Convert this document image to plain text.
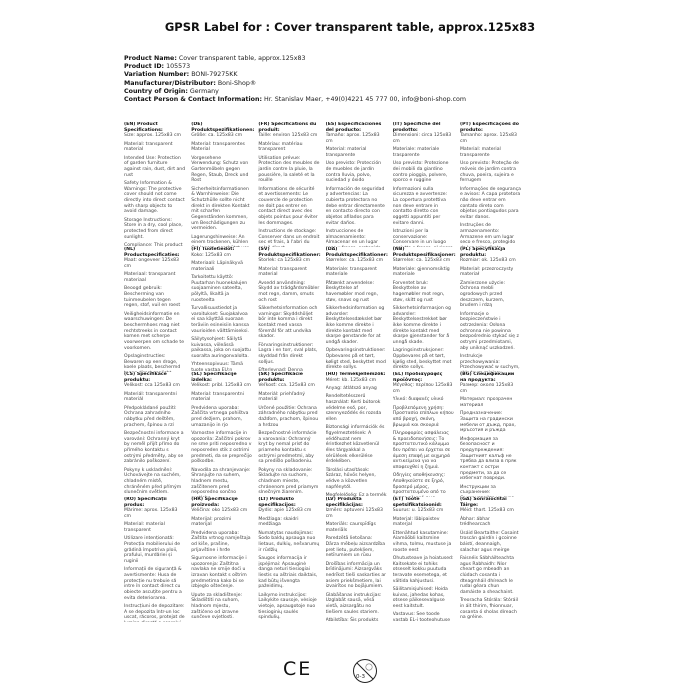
GPSR Label for : Cover transparent table, approx.125x83
Product Name: Cover transparent table, approx.125x83
Product ID: 105573
Variation Number: BONI-79275KK
Manufacturer/Distributor: Boni-Shop®
Country of Origin: Germany
Contact Person & Contact Information: Hr. Stanislav Maer, +49(0)4221 45 777 00, info@boni-shop.com
(EN) Product Specifications:

Size: approx. 125x83 cm

Material: transparent material

Intended Use: Protection of garden furniture against rain, dust, dirt and rust

Safety Information & Warnings: The protective cover should not come directly into direct contact with sharp objects to avoid damage.

Storage Instructions: Store in a dry, cool place, protected from direct sunlight.

Compliance: This product

(DE) Produktspezifikationen:

Größe: ca. 125x83 cm

Material: transparentes Material

Vorgesehene Verwendung: Schutz von Gartenmöbeln gegen Regen, Staub, Dreck und Rost

Sicherheitsinformationen & Warnhinweise: Die Schutzhülle sollte nicht direkt in direkten Kontakt mit scharfen Gegenständen kommen, um Beschädigungen zu vermeiden.

Lagerungshinweise: An einem trockenen, kühlen

(FR) Spécifications du produit:

Taille: environ 125x83 cm

Matériau: matériau transparent

Utilisation prévue: Protection des meubles de jardin contre la pluie, la poussière, la saleté et la rouille

Informations de sécurité et avertissements: Le couvercle de protection ne doit pas entrer en contact direct avec des objets pointus pour éviter les dommages.

Instructions de stockage: Conserver dans un endroit sec et frais, à l'abri du

(ES) Especificaciones del producto:

Tamaño: aprox. 125x83 cm

Material: material transparente

Uso previsto: Protección de muebles de jardín contra lluvia, polvo, suciedad y óxido

Información de seguridad y advertencias: La cubierta protectora no debe entrar directamente en contacto directo con objetos afilados para evitar daños.

Instrucciones de almacenamiento: Almacenar en un lugar

(IT) Specifiche del prodotto:

Dimensioni: circa 125x83 cm

Materiale: materiale trasparente

Uso previsto: Protezione dei mobili da giardino contro pioggia, polvere, sporco e ruggine

Informazioni sulla sicurezza e avvertenze: La copertura protettiva non deve entrare in contatto diretto con oggetti appuntiti per evitare danni.

Istruzioni per la conservazione: Conservare in un luogo

(PT) Especificações do produto:

Tamanho: aprox. 125x83 cm

Material: material transparente

Uso previsto: Proteção de móveis de jardim contra chuva, poeira, sujeira e ferrugem

Informações de segurança e avisos: A capa protetora não deve entrar em contato direto com objetos pontiagudos para evitar danos.

Instruções de armazenamento: Armazene em um lugar seco e fresco, protegido

(NL) Productspecificaties:

Maat: ongeveer 125x83 cm

Materiaal: transparant materiaal

Beoogd gebruik: Bescherming van tuinmeubelen tegen regen, stof, vuil en roest

Veiligheidsinformatie en waarschuwingen: De beschermhoes mag niet rechtstreeks in contact komen met scherpe voorwerpen om schade te voorkomen.

Opslaginstructies: Bewaren op een droge, koele plaats, beschermd

(FI) Tuotetiedot:

Koko: 125x83 cm

Materiaali: Läpinäkyvä materiaali

Tarkoitettu käyttö: Puutarhan huonekalujen suojaaminen sateelta, pölyltä, likaltä ja ruosteelta

Turvallisuustiedot ja varoitukset: Suojakalvoa ei saa käyttää suoraan teräviin esineisiin kanssa vaurioiden välttämiseksi.

Säilytysohjeet: Säilytä kuivassa, viileässä paikassa, joka on suojattu suoralta auringonvalolta.

Yhteensopivuus: Tämä tuote vastaa EU:n

(SV) Produktspecifikationer:

Storlek: ca 125x83 cm

Material: transparent material

Avsedd användning: Skydd av trädgårdsmöbler mot regn, damm, smuts och rost

Säkerhetsinformation och varningar: Skyddshöljet bör inte komma i direkt kontakt med vassa föremål för att undvika skador.

Förvaringsinstruktioner: Lagra i en torr, sval plats, skyddad från direkt solljus.

Efterlevnad: Denna

(DA) Produktspecifikationer:

Størrelse: ca. 125x83 cm

Materiale: transparent materiale

Påtænkt anvendelse: Beskyttelse af havemøbler mod regn, støv, snavs og rust

Sikkerhedsinformation og advarsler: Beskyttelsesdækslet bør ikke komme direkte i direkte kontakt med skarpe genstande for at undgå skader.

Opbevaringsinstruktioner: Opbevares på et tørt, køligt sted, beskyttet mod direkte sollys.

(NB) Produktspesifikasjoner:

Størrelse: ca. 125x83 cm

Materiale: gjennomsiktig materiale

Forventet bruk: Beskyttelse av hagemøbler mot regn, støv, skitt og rust

Sikkerhetsinformasjon og advarsler: Beskyttelsestrekket bør ikke komme direkte i direkte kontakt med skarpe gjenstander for å unngå skade.

Lagringsinstruksjoner: Oppbevares på et tørt, kjølig sted, beskyttet mot direkte sollys.

(PL) Specyfikacja produktu:

Rozmiar: ok. 125x83 cm

Materiał: przezroczysty materiał

Zamierzone użycie: Ochrona mebli ogrodowych przed deszczem, kurzem, brudem i rdzą

Informacje o bezpieczeństwie i ostrzeżenia: Osłona ochronna nie powinna bezpośrednio stykać się z ostrymi przedmiotami, aby uniknąć uszkodzeń.

Instrukcje przechowywania: Przechowywać w suchym,

(CS) Specifikace produktu:

Velikost: cca 125x83 cm

Materiál: transparentní materiál

Předpokládané použití: Ochrana zahradního nábytku před deštěm, prachem, špínou a rzí

Bezpečnostní informace a varování: Ochranný kryt by neměl přijít přímo do přímého kontaktu s ostrými předměty, aby se zabránilo poškození.

Pokyny k uskladnění: Uchovávejte na suchém, chladném místě, chráněném před přímým slunečním světlem.

(SL) Specifikacije izdelka:

Velikost: pribl. 125x83 cm

Material: transparentni material

Predvidena uporaba: Zaščita vrtnega pohištva pred dežjem, prahom, umazanijo in rjo

Varnostne informacije in opozorila: Zaščitni pokrov ne sme priti neposredno v neposreden stik z ostrimi predmeti, da se preprečijo poškodbe.

Navodila za shranjevanje: Shranjujte na suhem, hladnem mestu, zaščitenem pred neposredno sončno

(SK) Špecifikácie produktu:

Veľkosť: cca. 125x83 cm

Materiál: priehľadný materiál

Určené použitie: Ochrana záhradného nábytku pred dažďom, prachom, špinou a hrdzou

Bezpečnostné informácie a varovania: Ochranný kryt by nemal prísť do priameho kontaktu s ostrými predmetmi, aby sa predišlo poškodeniu.

Pokyny na skladovanie: Skladujte na suchom, chladnom mieste, chránenom pred priamym slnečným žiarením.

(HU) Termékjellemzők:

Méret: kb. 125x83 cm

Anyag: átlátszó anyag

Rendeltetésszerű használat: Kerti bútorok védelme eső, por, szennyeződés és rozsda ellen

Biztonsági információk és figyelmeztetések: A védőhuzat nem érintkezhet közvetlenül éles tárgyakkal a sérülések elkerülése érdekében.

Tárolási utasítások: Száraz, hűvös helyen, védve a közvetlen napfénytől.

Megfelelőség: Ez a termék

(EL) Προδιαγραφές προϊόντος:

Μέγεθος: περίπου 125x83 cm

Υλικό: διαφανές υλικό

Προβλεπόμενη χρήση: Προστασία επίπλων κήπου από βροχή, σκόνη, βρωμιά και σκουριά

Πληροφορίες ασφάλειας & προειδοποιήσεις: Το προστατευτικό κάλυμμα δεν πρέπει να έρχεται σε άμεση επαφή με αιχμηρά αντικείμενα για να αποφευχθεί η ζημιά.

Οδηγίες αποθήκευσης: Αποθηκεύστε σε ξηρό, δροσερό μέρος, προστατευμένο από το

(BG) Спецификации на продукта:

Размер: около 125x83 cm

Материал: прозрачен материал

Предназначение: Защита на градински мебели от дъжд, прах, мръсотия и ръжда

Информация за безопасност и предупреждения: Защитният калъф не трябва да влиза в пряк контакт с остри предмети, за да се избегнат повреди.

Инструкции за съхранение:

(RO) Specificații produs:

Mărime: aprox. 125x83 cm

Material: material transparent

Utilizare intenționată: Protecția mobilierului de grădină împotriva ploii, prafului, murdăriei și ruginii

Informații de siguranță & avertismente: Husa de protecție nu trebuie să intre în contact direct cu obiecte ascuțite pentru a evita deteriorarea.

Instrucțiuni de depozitare: A se depozita într-un loc uscat, răcoros, protejat de

(HR) Specifikacije proizvoda:

Veličina: oko 125x83 cm

Materijal: prozirni materijal

Predviđena uporaba: Zaštita vrtnog namještaja od kiše, prašine, prljavštine i hrđe

Sigurnosne informacije i upozorenja: Zaštitna navlaka ne smije doći u izravan kontakt s oštrim predmetima kako bi se izbjeglo oštećenje.

Upute za skladištenje: Skladištiti na suhom, hladnom mjestu, zaštićeno od izravne sunčeve svjetlosti.

(LT) Produkto specifikacijos:

Dydis: apie 125x83 cm

Medžiaga: skaidri medžiaga

Numatytas naudojimas: Sodo baldų apsauga nuo lietaus, dulkių, nešvarumų ir rūdžių

Saugos informacija ir įspėjimai: Apsauginė danga neturi tiesiogiai liestis su aštriais daiktais, kad būtų išvengta pažeidimų.

Laikymo instrukcijos: Laikykite sausoje, vėsioje vietoje, apsaugotoje nuo tiesioginių saulės spindulių.

(LV) Produkta specifikācijas:

Izmērs: aptuveni 125x83 cm

Materiāls: caurspīdīgs materiāls

Paredzētā lietošana: Dārza mēbeļu aizsardzība pret lietu, putekļiem, netīrumiem un rūsu

Drošības informācija un brīdinājumi: Aizsargvāks nedrīkst tieši saskarties ar asiem priekšmetiem, lai izvairītos no bojājumiem.

Glabāšanas instrukcijas: Uzglabāt sausā, vēsā vietā, aizsargātu no tiešiem saules stariem.

Atbilstība: Šis produkts

(ET) Toote spetsifikatsioonid:

Suurus: u. 125x83 cm

Materjal: läbipaistev materjal

Ettenähtud kasutamine: Aiamööbli kaitsmine vihma, tolmu, mustuse ja rooste eest

Ohutusteave ja hoiatused: Kaitsekate ei tohiks otseselt kokku puutuda teravate esemetega, et vältida kahjustusi.

Säilitamisjuhised: Hoida kuivas, jahedas kohas, otsese päikesevalguse eest kaitstult.

Vastavus: See toode vastab EL-i tooteohutuse

(GA) Sonraíochtaí Táirge:

Méid: thart. 125x83 cm

Ábhar: ábhar trédhearcach

Úsáid Beartaithe: Cosaint troscán gairdín i gcoinne báistí, deannaigh, salachar agus meirge

Faisnéis Sábháilteachta agus Rabhaidh: Níor cheart go mbeadh an clúdach cosanta i dteagmháil dhíreach le rudaí géara chun damáiste a sheachaint.

Treoracha Stórála: Stóráil in áit thirim, fhionnuar, cosanta ó sholas díreach na gréine.

CE	0-3
